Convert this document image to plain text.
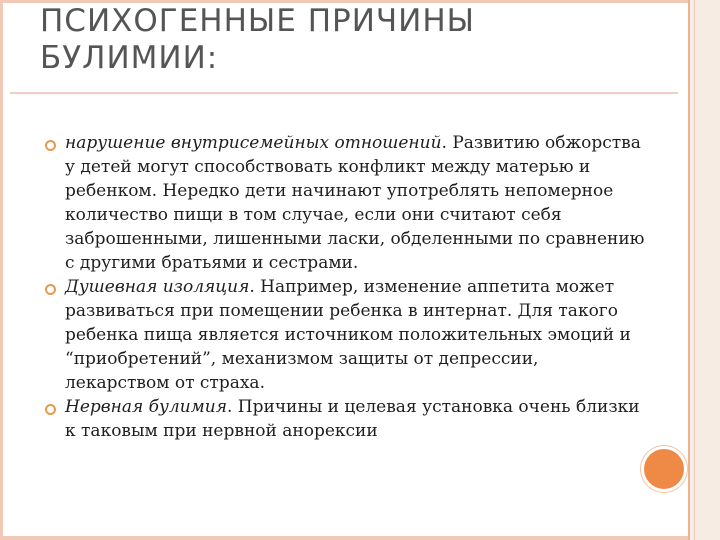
ПСИХОГЕННЫЕ ПРИЧИНЫ
БУЛИМИИ:
нарушение внутрисемейных отношений. Развитию обжорства у детей могут способствовать конфликт между матерью и ребенком. Нередко дети начинают употреблять непомерное количество пищи в том случае, если они считают себя заброшенными, лишенными ласки, обделенными по сравнению с другими братьями и сестрами.
Душевная изоляция. Например, изменение аппетита может развиваться при помещении ребенка в интернат. Для такого ребенка пища является источником положительных эмоций и “приобретений”, механизмом защиты от депрессии, лекарством от страха.
Нервная булимия. Причины и целевая установка очень близки к таковым при нервной анорексии
